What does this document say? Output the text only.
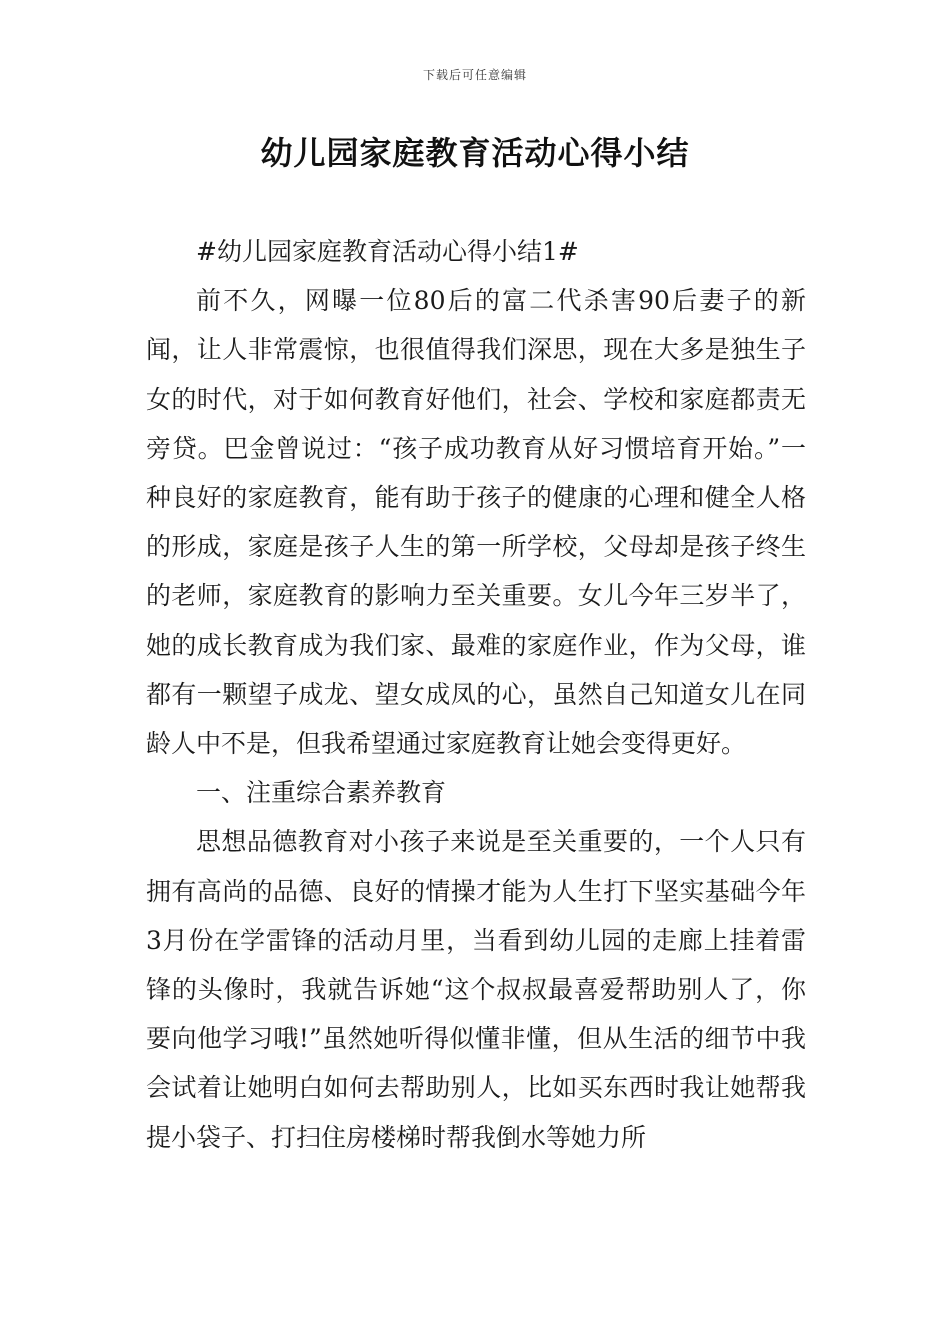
下载后可任意编辑
幼儿园家庭教育活动心得小结

#幼儿园家庭教育活动心得小结1#

前不久，网曝一位80后的富二代杀害90后妻子的新闻，让人非常震惊，也很值得我们深思，现在大多是独生子女的时代，对于如何教育好他们，社会、学校和家庭都责无旁贷。巴金曾说过：“孩子成功教育从好习惯培育开始。”一种良好的家庭教育，能有助于孩子的健康的心理和健全人格的形成，家庭是孩子人生的第一所学校，父母却是孩子终生的老师，家庭教育的影响力至关重要。女儿今年三岁半了，她的成长教育成为我们家、最难的家庭作业，作为父母，谁都有一颗望子成龙、望女成凤的心，虽然自己知道女儿在同龄人中不是，但我希望通过家庭教育让她会变得更好。

一、注重综合素养教育

思想品德教育对小孩子来说是至关重要的，一个人只有拥有高尚的品德、良好的情操才能为人生打下坚实基础今年3月份在学雷锋的活动月里，当看到幼儿园的走廊上挂着雷锋的头像时，我就告诉她“这个叔叔最喜爱帮助别人了，你要向他学习哦!”虽然她听得似懂非懂，但从生活的细节中我会试着让她明白如何去帮助别人，比如买东西时我让她帮我提小袋子、打扫住房楼梯时帮我倒水等她力所
